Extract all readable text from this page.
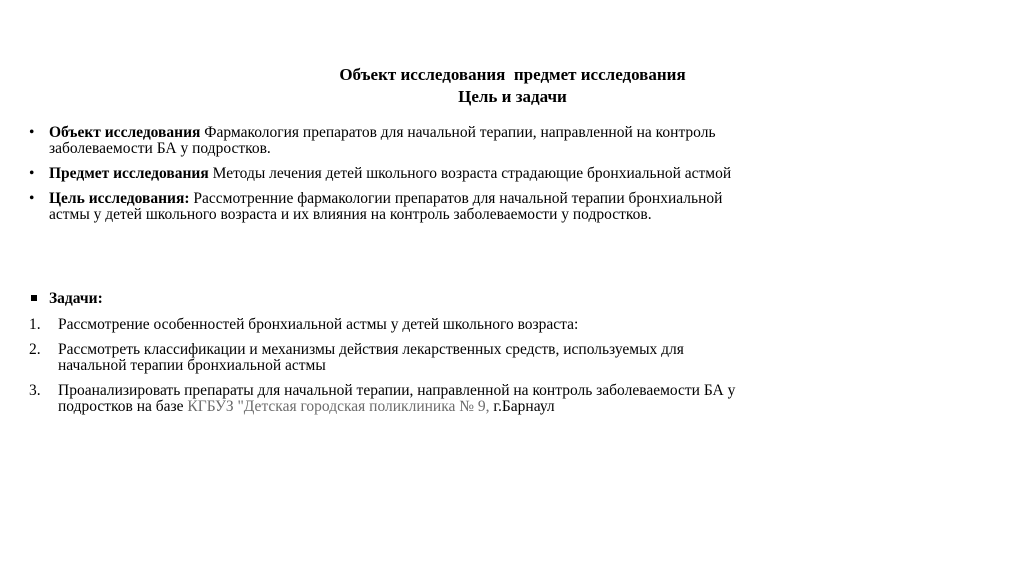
Объект исследования  предмет исследования
Цель и задачи
• Объект исследования Фармакология препаратов для начальной терапии, направленной на контроль заболеваемости БА у подростков.
• Предмет исследования Методы лечения детей школьного возраста страдающие бронхиальной астмой
• Цель исследования: Рассмотренние фармакологии препаратов для начальной терапии бронхиальной астмы у детей школьного возраста и их влияния на контроль заболеваемости у подростков.
Задачи:
1. Рассмотрение особенностей бронхиальной астмы у детей школьного возраста:
2. Рассмотреть классификации и механизмы действия лекарственных средств, используемых для начальной терапии бронхиальной астмы
3. Проанализировать препараты для начальной терапии, направленной на контроль заболеваемости БА у подростков на базе КГБУЗ "Детская городская поликлиника № 9, г.Барнаул
